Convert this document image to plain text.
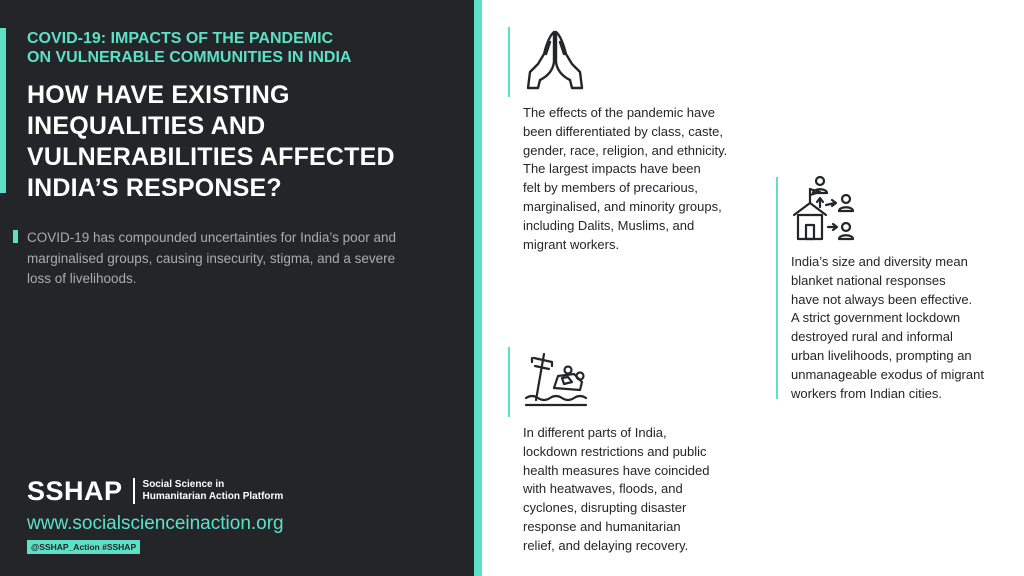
COVID-19: IMPACTS OF THE PANDEMIC
ON VULNERABLE COMMUNITIES IN INDIA
HOW HAVE EXISTING
INEQUALITIES AND
VULNERABILITIES AFFECTED
INDIA’S RESPONSE?

COVID-19 has compounded uncertainties for India’s poor and
marginalised groups, causing insecurity, stigma, and a severe
loss of livelihoods.

SSHAP Social Science in
Humanitarian Action Platform
www.socialscienceinaction.org
@SSHAP_Action #SSHAP

The effects of the pandemic have
been differentiated by class, caste,
gender, race, religion, and ethnicity.
The largest impacts have been
felt by members of precarious,
marginalised, and minority groups,
including Dalits, Muslims, and
migrant workers.

India’s size and diversity mean
blanket national responses
have not always been effective.
A strict government lockdown
destroyed rural and informal
urban livelihoods, prompting an
unmanageable exodus of migrant
workers from Indian cities.

In different parts of India,
lockdown restrictions and public
health measures have coincided
with heatwaves, floods, and
cyclones, disrupting disaster
response and humanitarian
relief, and delaying recovery.
